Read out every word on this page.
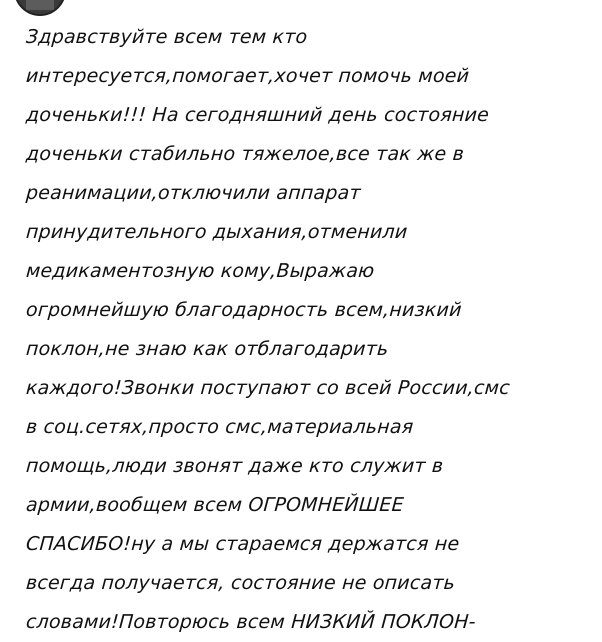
Здравствуйте всем тем кто
интересуется,помогает,хочет помочь моей
доченьки!!! На сегодняшний день состояние
доченьки стабильно тяжелое,все так же в
реанимации,отключили аппарат
принудительного дыхания,отменили
медикаментозную кому,Выражаю
огромнейшую благодарность всем,низкий
поклон,не знаю как отблагодарить
каждого!Звонки поступают со всей России,смс
в соц.сетях,просто смс,материальная
помощь,люди звонят даже кто служит в
армии,вообщем всем ОГРОМНЕЙШЕЕ
СПАСИБО!ну а мы стараемся держатся не
всегда получается, состояние не описать
словами!Повторюсь всем НИЗКИЙ ПОКЛОН-
